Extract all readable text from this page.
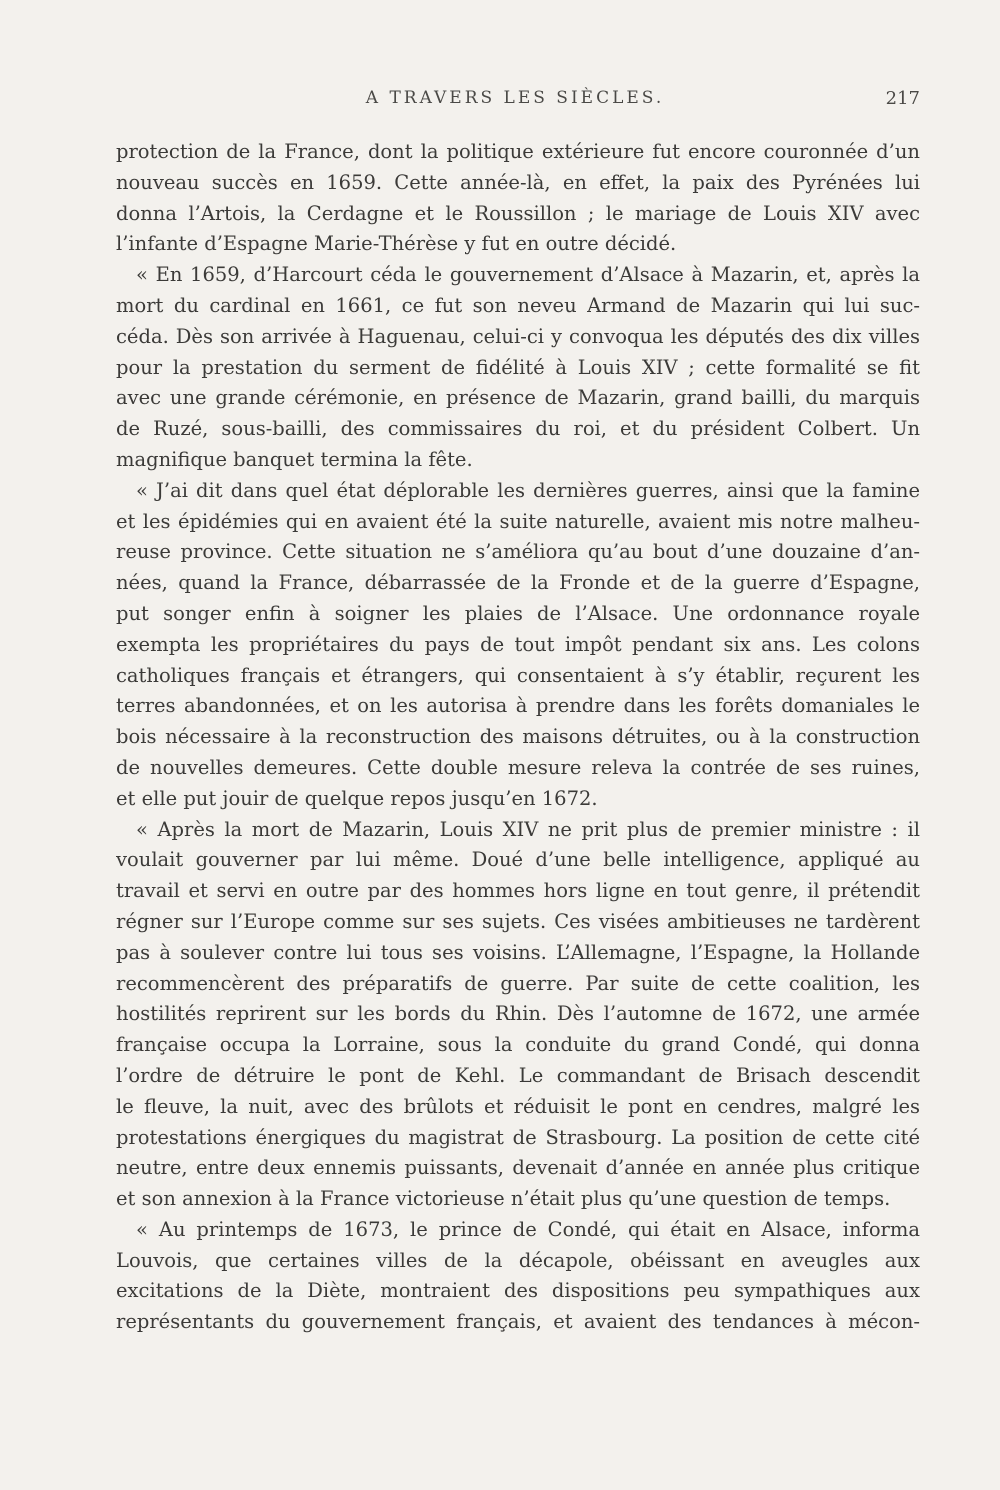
A TRAVERS LES SIÈCLES.	217
protection de la France, dont la politique extérieure fut encore couronnée d’un
nouveau succès en 1659. Cette année-là, en effet, la paix des Pyrénées lui
donna l’Artois, la Cerdagne et le Roussillon ; le mariage de Louis XIV avec
l’infante d’Espagne Marie-Thérèse y fut en outre décidé.
« En 1659, d’Harcourt céda le gouvernement d’Alsace à Mazarin, et, après la
mort du cardinal en 1661, ce fut son neveu Armand de Mazarin qui lui suc-
céda. Dès son arrivée à Haguenau, celui-ci y convoqua les députés des dix villes
pour la prestation du serment de fidélité à Louis XIV ; cette formalité se fit
avec une grande cérémonie, en présence de Mazarin, grand bailli, du marquis
de Ruzé, sous-bailli, des commissaires du roi, et du président Colbert. Un
magnifique banquet termina la fête.
« J’ai dit dans quel état déplorable les dernières guerres, ainsi que la famine
et les épidémies qui en avaient été la suite naturelle, avaient mis notre malheu-
reuse province. Cette situation ne s’améliora qu’au bout d’une douzaine d’an-
nées, quand la France, débarrassée de la Fronde et de la guerre d’Espagne,
put songer enfin à soigner les plaies de l’Alsace. Une ordonnance royale
exempta les propriétaires du pays de tout impôt pendant six ans. Les colons
catholiques français et étrangers, qui consentaient à s’y établir, reçurent les
terres abandonnées, et on les autorisa à prendre dans les forêts domaniales le
bois nécessaire à la reconstruction des maisons détruites, ou à la construction
de nouvelles demeures. Cette double mesure releva la contrée de ses ruines,
et elle put jouir de quelque repos jusqu’en 1672.
« Après la mort de Mazarin, Louis XIV ne prit plus de premier ministre : il
voulait gouverner par lui même. Doué d’une belle intelligence, appliqué au
travail et servi en outre par des hommes hors ligne en tout genre, il prétendit
régner sur l’Europe comme sur ses sujets. Ces visées ambitieuses ne tardèrent
pas à soulever contre lui tous ses voisins. L’Allemagne, l’Espagne, la Hollande
recommencèrent des préparatifs de guerre. Par suite de cette coalition, les
hostilités reprirent sur les bords du Rhin. Dès l’automne de 1672, une armée
française occupa la Lorraine, sous la conduite du grand Condé, qui donna
l’ordre de détruire le pont de Kehl. Le commandant de Brisach descendit
le fleuve, la nuit, avec des brûlots et réduisit le pont en cendres, malgré les
protestations énergiques du magistrat de Strasbourg. La position de cette cité
neutre, entre deux ennemis puissants, devenait d’année en année plus critique
et son annexion à la France victorieuse n’était plus qu’une question de temps.
« Au printemps de 1673, le prince de Condé, qui était en Alsace, informa
Louvois, que certaines villes de la décapole, obéissant en aveugles aux
excitations de la Diète, montraient des dispositions peu sympathiques aux
représentants du gouvernement français, et avaient des tendances à mécon-
